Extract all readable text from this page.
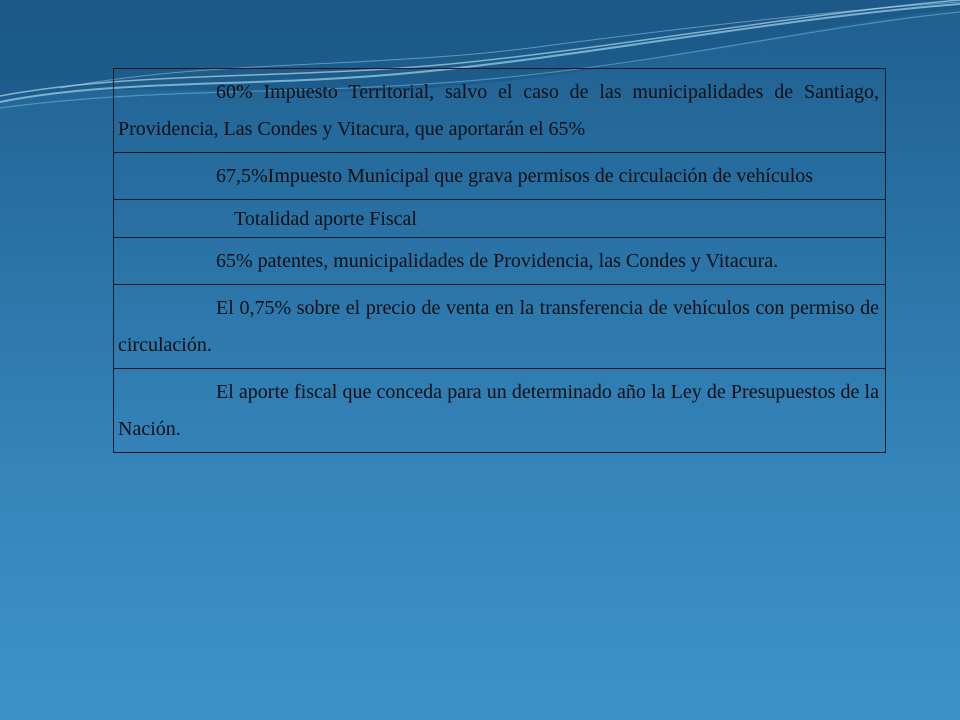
60% Impuesto Territorial, salvo el caso de las municipalidades de Santiago, Providencia, Las Condes y Vitacura, que aportarán el 65%
67,5%Impuesto Municipal que grava permisos de circulación de vehículos
Totalidad aporte Fiscal
65% patentes, municipalidades de Providencia, las Condes y Vitacura.
El 0,75% sobre el precio de venta en la transferencia de vehículos con permiso de circulación.
El aporte fiscal que conceda para un determinado año la Ley de Presupuestos de la Nación.
